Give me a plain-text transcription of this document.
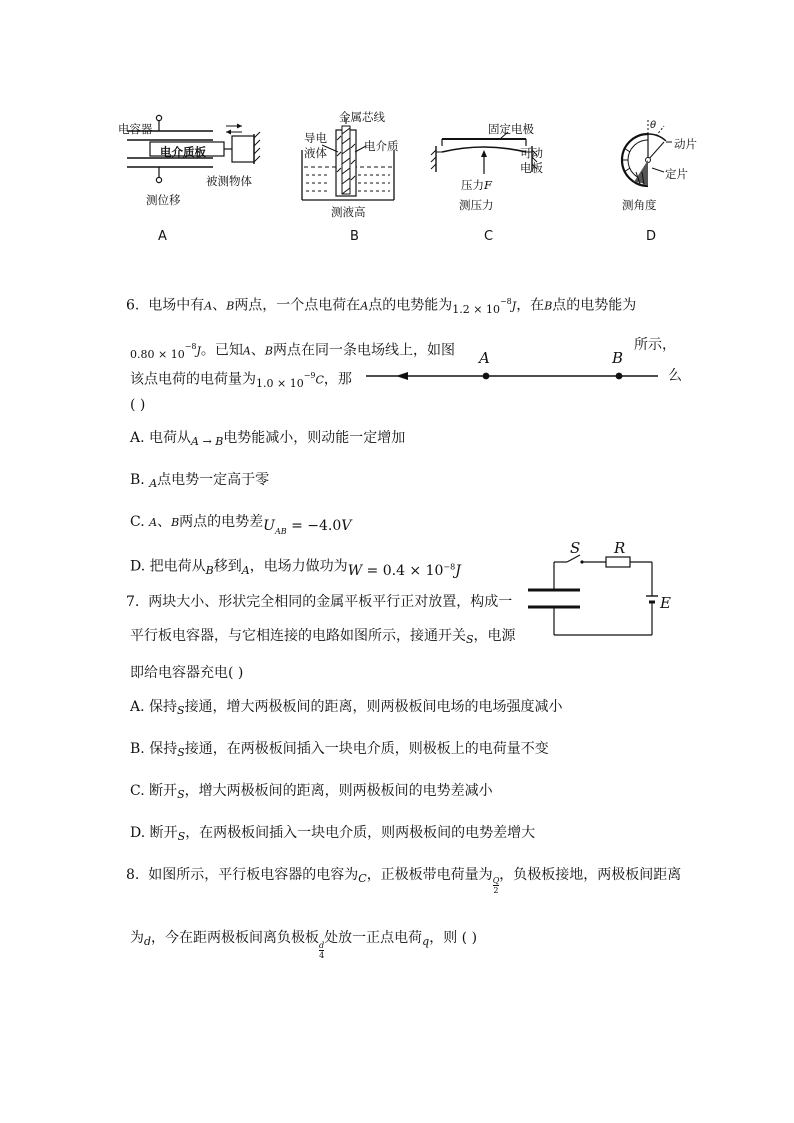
电容器
电介质板
被测物体
测位移
A
金属芯线
导电
液体	电介质
测液高
B
固定电极
可动
电板
压力F
测压力
C
θ
动片
定片
测角度
D
6. 电场中有A、B两点，一个点电荷在A点的电势能为$_{1.2 \times 10}^{-8}$J，在B点的电势能为
$_{0.80 \times 10}^{-8}$J。已知A、B两点在同一条电场线上，如图	所示，
该点电荷的电荷量为$_{1.0 \times 10}^{-9}$C，那	么
A	B
( )
A. 电荷从$_A$ $_\to$ $_B$电势能减小，则动能一定增加
B. $_A$点电势一定高于零
C. A、B两点的电势差$U_{AB} = -4.0V$
D. 把电荷从$_B$移到$_A$，电场力做功为$W = 0.4 \times 10^{-8}J$
S R
E
7. 两块大小、形状完全相同的金属平板平行正对放置，构成一
平行板电容器，与它相连接的电路如图所示，接通开关$_S$，电源
即给电容器充电( )
A. 保持$_S$接通，增大两极板间的距离，则两极板间电场的电场强度减小
B. 保持$_S$接通，在两极板间插入一块电介质，则极板上的电荷量不变
C. 断开$_S$，增大两极板间的距离，则两极板间的电势差减小
D. 断开$_S$，在两极板间插入一块电介质，则两极板间的电势差增大
8. 如图所示，平行板电容器的电容为$_C$，正极板带电荷量为$\frac{Q}{2}$
，负极板接地，两极板间距离
为$_d$，今在距两极板间离负极板$\frac{d}{4}$
处放一正点电荷$_q$，则 ( )
